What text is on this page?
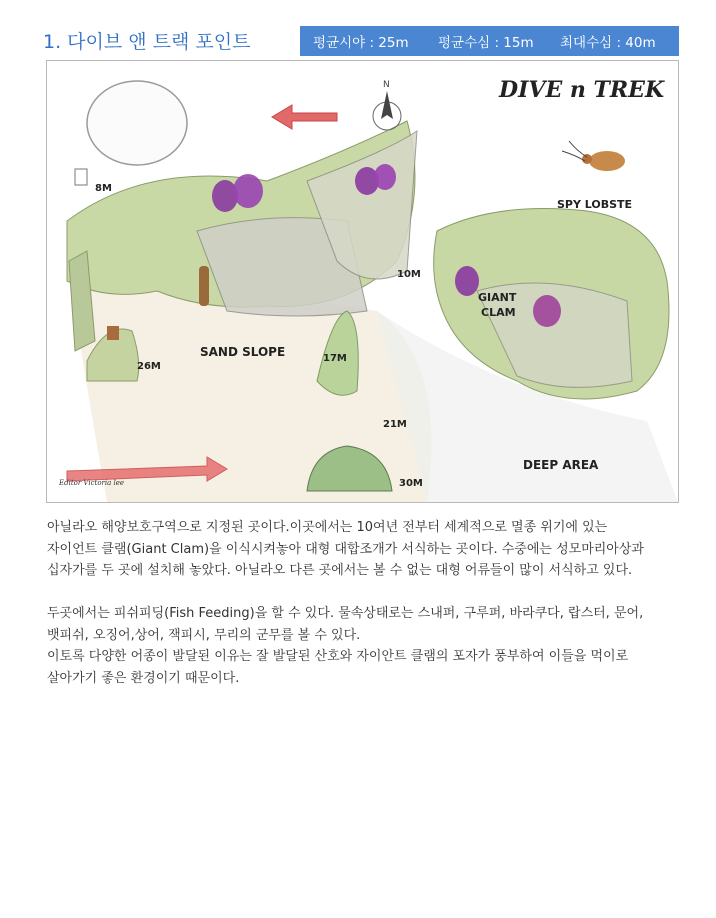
1. 다이브 앤 트랙 포인트	평균시야 : 25m	평균수심 : 15m	최대수심 : 40m
N	DIVE n TREK
SPY LOBSTE
GIANT
CLAM
SAND SLOPE
DEEP AREA
8M
10M
17M
21M
26M
30M
Editor Victoria lee

아닐라오 해양보호구역으로 지정된 곳이다.이곳에서는 10여년 전부터 세계적으로 멸종 위기에 있는
자이언트 클램(Giant Clam)을 이식시켜놓아 대형 대합조개가 서식하는 곳이다. 수중에는 성모마리아상과
십자가를 두 곳에 설치해 놓았다. 아닐라오 다른 곳에서는 볼 수 없는 대형 어류들이 많이 서식하고 있다.

두곳에서는 피쉬피딩(Fish Feeding)을 할 수 있다. 물속상태로는 스내퍼, 구루퍼, 바라쿠다, 랍스터, 문어,
뱃피쉬, 오징어,상어, 잭피시, 무리의 군무를 볼 수 있다.
이토록 다양한 어종이 발달된 이유는 잘 발달된 산호와 자이안트 클램의 포자가 풍부하여 이들을 먹이로
살아가기 좋은 환경이기 때문이다.
